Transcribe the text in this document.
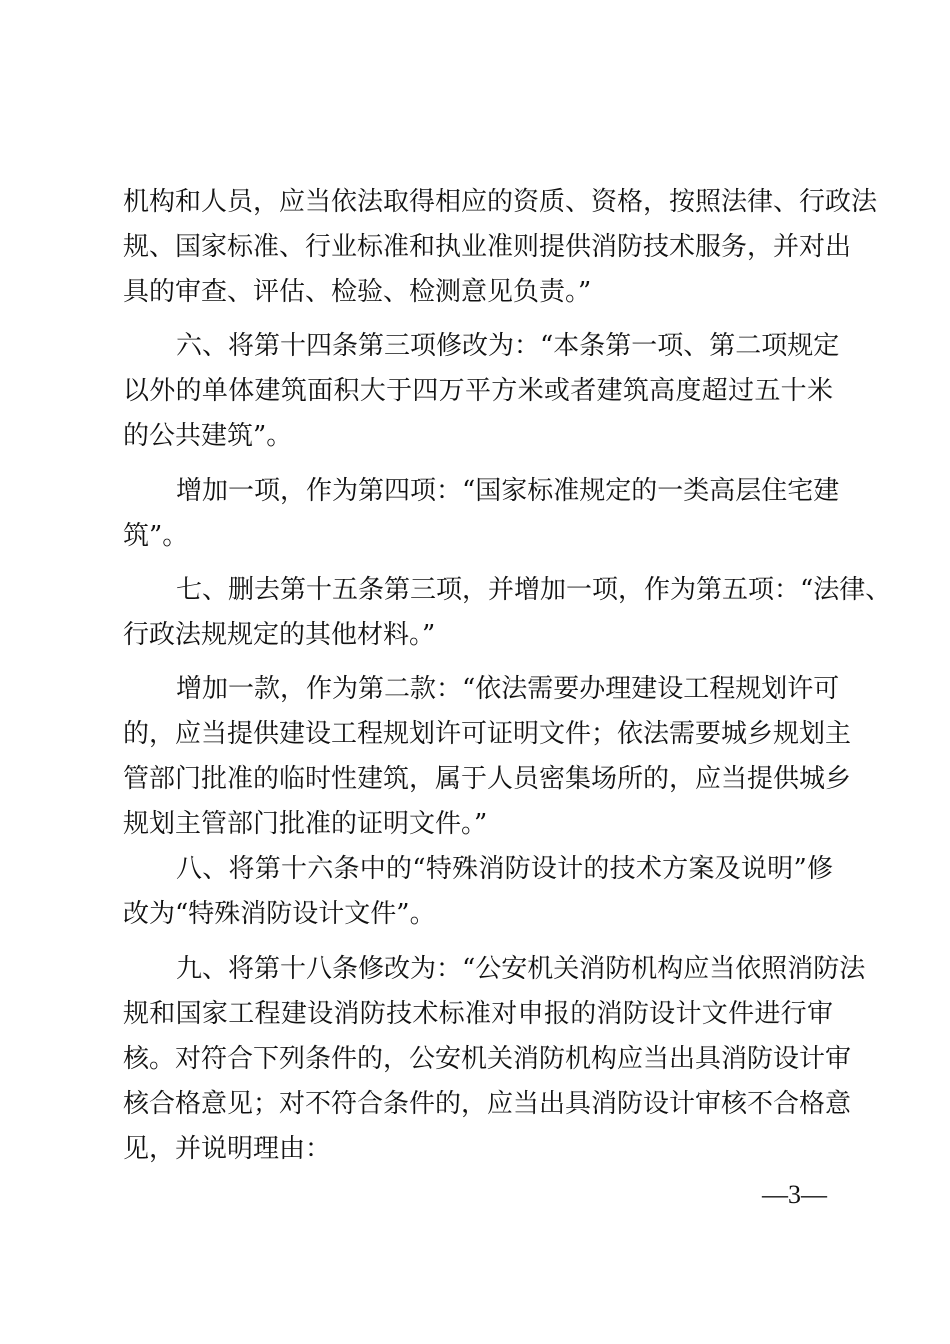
机构和人员，应当依法取得相应的资质、资格，按照法律、行政法
规、国家标准、行业标准和执业准则提供消防技术服务，并对出
具的审查、评估、检验、检测意见负责。”
六、将第十四条第三项修改为：“本条第一项、第二项规定
以外的单体建筑面积大于四万平方米或者建筑高度超过五十米
的公共建筑”。
增加一项，作为第四项：“国家标准规定的一类高层住宅建
筑”。
七、删去第十五条第三项，并增加一项，作为第五项：“法律、
行政法规规定的其他材料。”
增加一款，作为第二款：“依法需要办理建设工程规划许可
的，应当提供建设工程规划许可证明文件；依法需要城乡规划主
管部门批准的临时性建筑，属于人员密集场所的，应当提供城乡
规划主管部门批准的证明文件。”
八、将第十六条中的“特殊消防设计的技术方案及说明”修
改为“特殊消防设计文件”。
九、将第十八条修改为：“公安机关消防机构应当依照消防法
规和国家工程建设消防技术标准对申报的消防设计文件进行审
核。对符合下列条件的，公安机关消防机构应当出具消防设计审
核合格意见；对不符合条件的，应当出具消防设计审核不合格意
见，并说明理由：
—3—
